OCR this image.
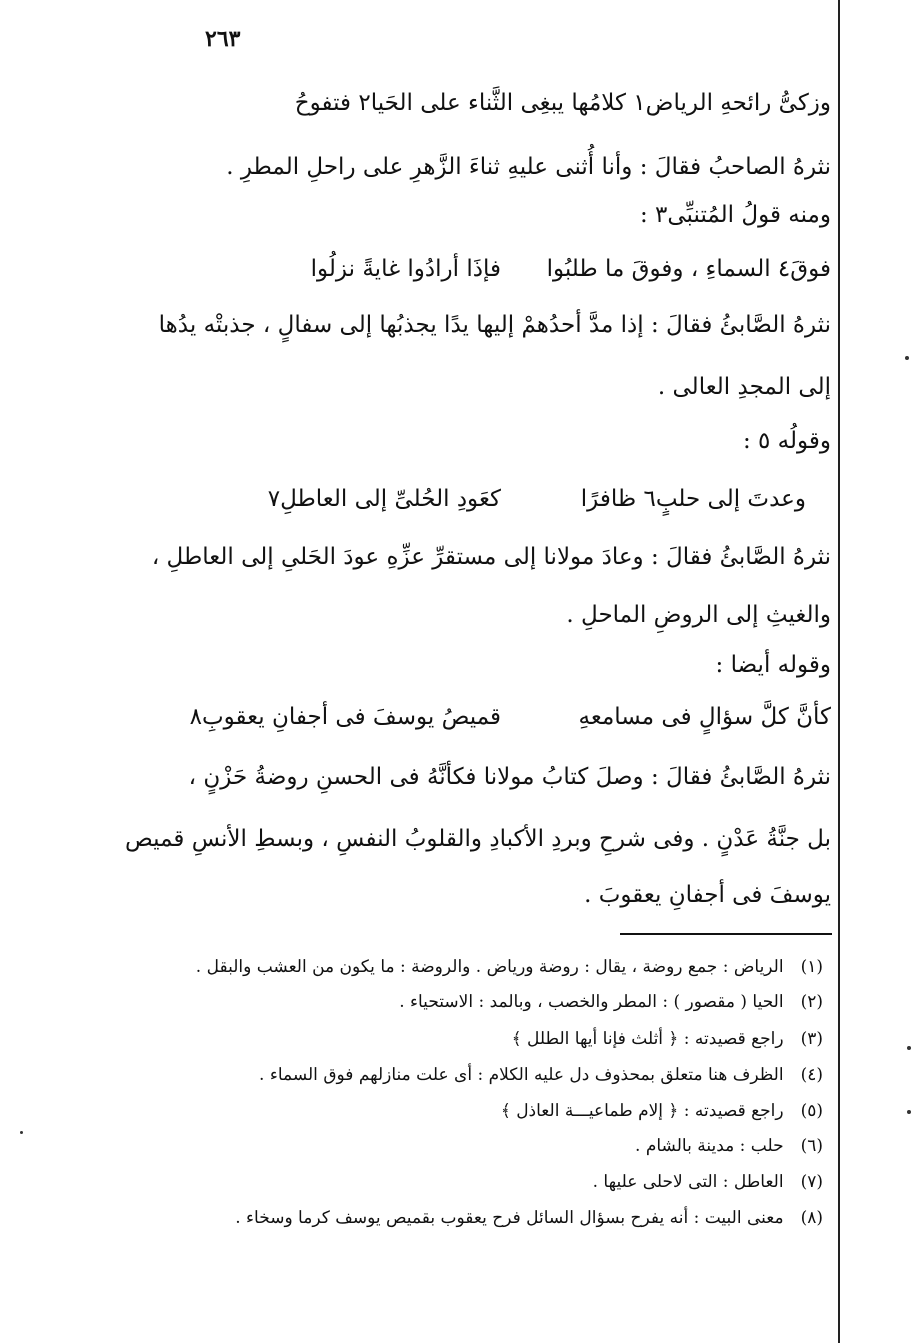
٢٦٣
وزكىُّ رائحهِ الرياض١ كلامُها يبغِى الثَّناء على الحَيا٢ فتفوحُ
نثرهُ الصاحبُ فقالَ : وأنا أُثنى عليهِ ثناءَ الزَّهرِ على راحلِ المطرِ .
ومنه قولُ المُتنبِّى٣ :
فوقَ٤ السماءِ ، وفوقَ ما طلبُوا
فإذَا أرادُوا غايةً نزلُوا
نثرهُ الصَّابئُ فقالَ : إذا مدَّ أحدُهمْ إليها يدًا يجذبُها إلى سفالٍ ، جذبتْه يدُها
إلى المجدِ العالى .
وقولُه ٥ :
وعدتَ إلى حلبٍ٦ ظافرًا
كعَودِ الحُلىِّ إلى العاطلِ٧
نثرهُ الصَّابئُ فقالَ : وعادَ مولانا إلى مستقرِّ عزِّهِ عودَ الحَلىِ إلى العاطلِ ،
والغيثِ إلى الروضِ الماحلِ .
وقوله أيضا :
كأنَّ كلَّ سؤالٍ فى مسامعهِ
قميصُ يوسفَ فى أجفانِ يعقوبِ٨
نثرهُ الصَّابئُ فقالَ : وصلَ كتابُ مولانا فكأنَّهُ فى الحسنِ روضةُ حَزْنٍ ،
بل جنَّةُ عَدْنٍ . وفى شرحِ وبردِ الأكبادِ والقلوبُ النفسِ ، وبسطِ الأنسِ قميص
يوسفَ فى أجفانِ يعقوبَ .
(١) الرياض : جمع روضة ، يقال : روضة ورياض . والروضة : ما يكون من العشب والبقل .
(٢) الحيا ( مقصور ) : المطر والخصب ، وبالمد : الاستحياء .
(٣) راجع قصيدته : ﴿ أثلث فإنا أيها الطلل ﴾
(٤) الظرف هنا متعلق بمحذوف دل عليه الكلام : أى علت منازلهم فوق السماء .
(٥) راجع قصيدته : ﴿ إلام طماعيـــة العاذل ﴾
(٦) حلب : مدينة بالشام .
(٧) العاطل : التى لاحلى عليها .
(٨) معنى البيت : أنه يفرح بسؤال السائل فرح يعقوب بقميص يوسف كرما وسخاء .
